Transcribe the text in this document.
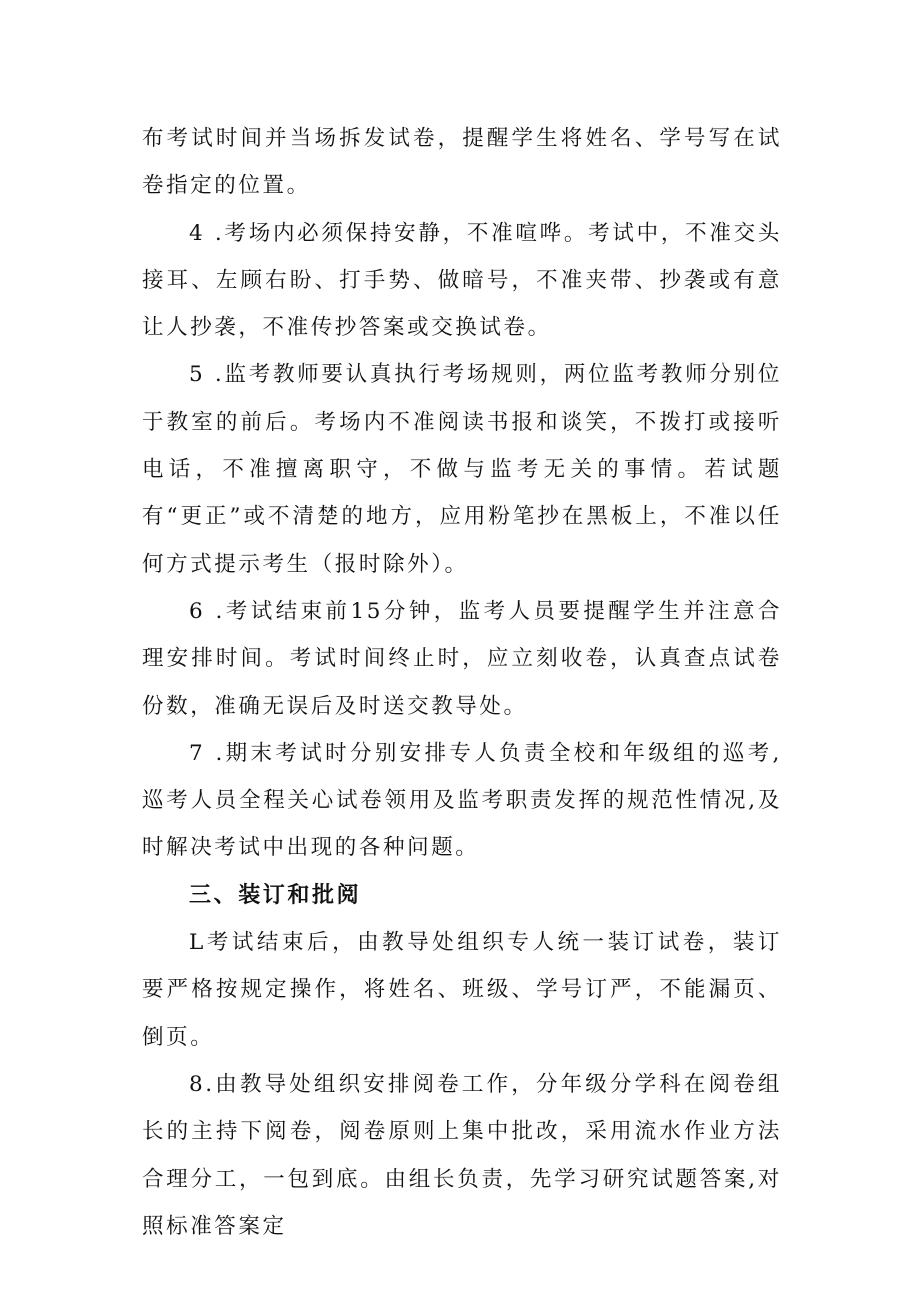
布考试时间并当场拆发试卷，提醒学生将姓名、学号写在试卷指定的位置。

4 .考场内必须保持安静，不准喧哗。考试中，不准交头接耳、左顾右盼、打手势、做暗号，不准夹带、抄袭或有意让人抄袭，不准传抄答案或交换试卷。

5 .监考教师要认真执行考场规则，两位监考教师分别位于教室的前后。考场内不准阅读书报和谈笑，不拨打或接听电话，不准擅离职守，不做与监考无关的事情。若试题有“更正”或不清楚的地方，应用粉笔抄在黑板上，不准以任何方式提示考生（报时除外）。

6 .考试结束前15分钟，监考人员要提醒学生并注意合理安排时间。考试时间终止时，应立刻收卷，认真查点试卷份数，准确无误后及时送交教导处。

7 .期末考试时分别安排专人负责全校和年级组的巡考,巡考人员全程关心试卷领用及监考职责发挥的规范性情况,及时解决考试中出现的各种问题。

三、装订和批阅

L考试结束后，由教导处组织专人统一装订试卷，装订要严格按规定操作，将姓名、班级、学号订严，不能漏页、倒页。

8.由教导处组织安排阅卷工作，分年级分学科在阅卷组长的主持下阅卷，阅卷原则上集中批改，采用流水作业方法合理分工，一包到底。由组长负责，先学习研究试题答案,对照标准答案定
